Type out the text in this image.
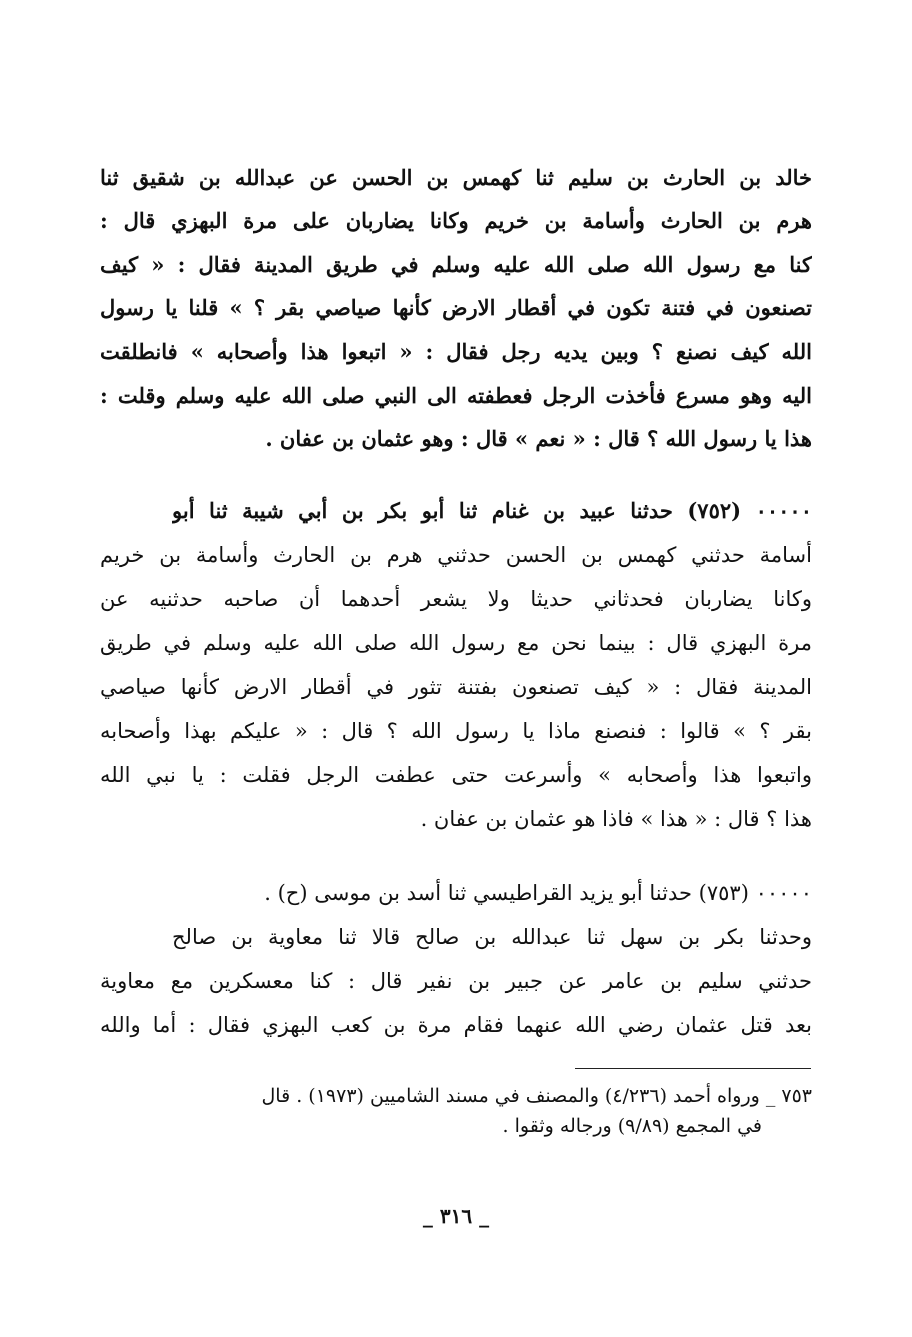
خالد بن الحارث بن سليم ثنا كهمس بن الحسن عن عبدالله بن شقيق ثنا
هرم بن الحارث وأسامة بن خريم وكانا يضاربان على مرة البهزي قال :
كنا مع رسول الله صلى الله عليه وسلم في طريق المدينة فقال : « كيف
تصنعون في فتنة تكون في أقطار الارض كأنها صياصي بقر ؟ » قلنا يا رسول
الله كيف نصنع ؟ وبين يديه رجل فقال : « اتبعوا هذا وأصحابه » فانطلقت
اليه وهو مسرع فأخذت الرجل فعطفته الى النبي صلى الله عليه وسلم وقلت :
هذا يا رسول الله ؟ قال : « نعم » قال : وهو عثمان بن عفان .
٠٠٠٠٠ (٧٥٢) حدثنا عبيد بن غنام ثنا أبو بكر بن أبي شيبة ثنا أبو
أسامة حدثني كهمس بن الحسن حدثني هرم بن الحارث وأسامة بن خريم
وكانا يضاربان فحدثاني حديثا ولا يشعر أحدهما أن صاحبه حدثنيه عن
مرة البهزي قال : بينما نحن مع رسول الله صلى الله عليه وسلم في طريق
المدينة فقال : « كيف تصنعون بفتنة تثور في أقطار الارض كأنها صياصي
بقر ؟ » قالوا : فنصنع ماذا يا رسول الله ؟ قال : « عليكم بهذا وأصحابه
واتبعوا هذا وأصحابه » وأسرعت حتى عطفت الرجل فقلت : يا نبي الله
هذا ؟ قال : « هذا » فاذا هو عثمان بن عفان .
٠٠٠٠٠ (٧٥٣) حدثنا أبو يزيد القراطيسي ثنا أسد بن موسى (ح) .
وحدثنا بكر بن سهل ثنا عبدالله بن صالح قالا ثنا معاوية بن صالح
حدثني سليم بن عامر عن جبير بن نفير قال : كنا معسكرين مع معاوية
بعد قتل عثمان رضي الله عنهما فقام مرة بن كعب البهزي فقال : أما والله
٧٥٣ _ ورواه أحمد (٤/٢٣٦) والمصنف في مسند الشاميين (١٩٧٣) . قال
في المجمع (٩/٨٩) ورجاله وثقوا .
_ ٣١٦ _
